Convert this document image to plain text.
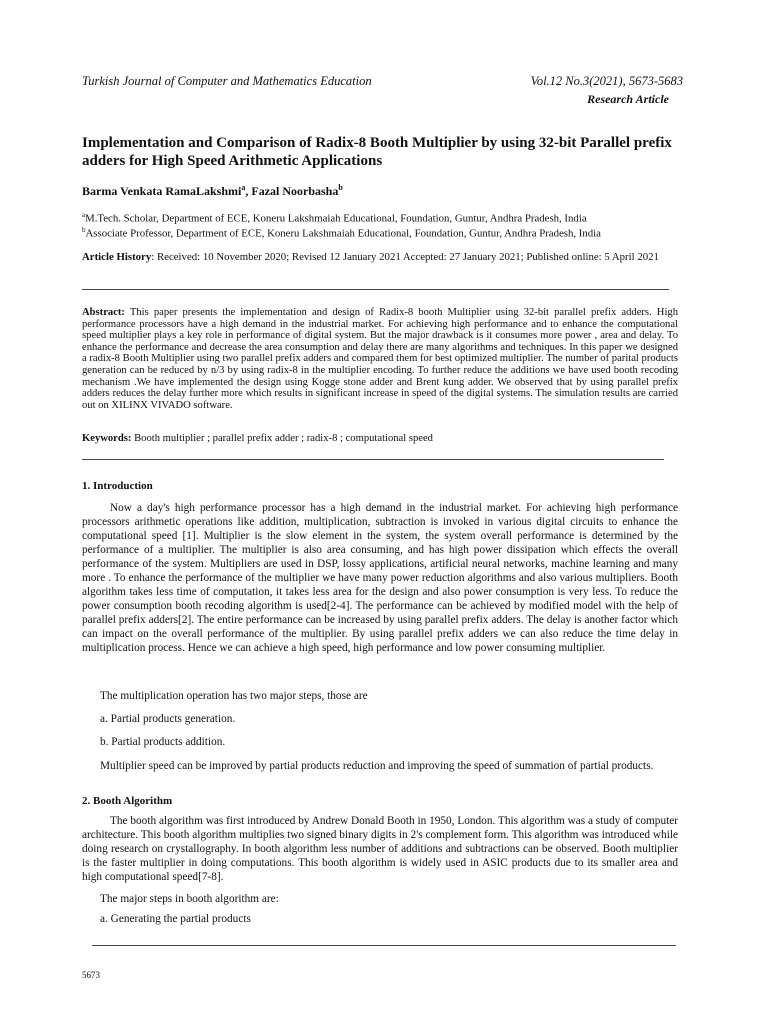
Turkish Journal of Computer and Mathematics Education	Vol.12 No.3(2021), 5673-5683
Research Article
Implementation and Comparison of Radix-8 Booth Multiplier by using 32-bit Parallel prefix adders for High Speed Arithmetic Applications
Barma Venkata RamaLakshmi$^a$, Fazal Noorbasha$^b$
$^a$M.Tech. Scholar, Department of ECE, Koneru Lakshmaiah Educational, Foundation, Guntur, Andhra Pradesh, India
$^b$Associate Professor, Department of ECE, Koneru Lakshmaiah Educational, Foundation, Guntur, Andhra Pradesh, India
Article History: Received: 10 November 2020; Revised 12 January 2021 Accepted: 27 January 2021; Published online: 5 April 2021
Abstract: This paper presents the implementation and design of Radix-8 booth Multiplier using 32-bit parallel prefix adders. High performance processors have a high demand in the industrial market. For achieving high performance and to enhance the computational speed multiplier plays a key role in performance of digital system. But the major drawback is it consumes more power , area and delay. To enhance the performance and decrease the area consumption and delay there are many algorithms and techniques. In this paper we designed a radix-8 Booth Multiplier using two parallel prefix adders and compared them for best optimized multiplier. The number of parital products generation can be reduced by n/3 by using radix-8 in the multiplier encoding. To further reduce the additions we have used booth recoding mechanism .We have implemented the design using Kogge stone adder and Brent kung adder. We observed that by using parallel prefix adders reduces the delay further more which results in significant increase in speed of the digital systems. The simulation results are carried out on XILINX VIVADO software.
Keywords: Booth multiplier ; parallel prefix adder ; radix-8 ; computational speed
1. Introduction

Now a day's high performance processor has a high demand in the industrial market. For achieving high performance processors arithmetic operations like addition, multiplication, subtraction is invoked in various digital circuits to enhance the computational speed [1]. Multiplier is the slow element in the system, the system overall performance is determined by the performance of a multiplier. The multiplier is also area consuming, and has high power dissipation which effects the overall performance of the system. Multipliers are used in DSP, lossy applications, artificial neural networks, machine learning and many more . To enhance the performance of the multiplier we have many power reduction algorithms and also various multipliers. Booth algorithm takes less time of computation, it takes less area for the design and also power consumption is very less. To reduce the power consumption booth recoding algorithm is used[2-4]. The performance can be achieved by modified model with the help of parallel prefix adders[2]. The entire performance can be increased by using parallel prefix adders. The delay is another factor which can impact on the overall performance of the multiplier. By using parallel prefix adders we can also reduce the time delay in multiplication process. Hence we can achieve a high speed, high performance and low power consuming multiplier.

The multiplication operation has two major steps, those are
a. Partial products generation.
b. Partial products addition.

Multiplier speed can be improved by partial products reduction and improving the speed of summation of partial products.

2. Booth Algorithm

The booth algorithm was first introduced by Andrew Donald Booth in 1950, London. This algorithm was a study of computer architecture. This booth algorithm multiplies two signed binary digits in 2's complement form. This algorithm was introduced while doing research on crystallography. In booth algorithm less number of additions and subtractions can be observed. Booth multiplier is the faster multiplier in doing computations. This booth algorithm is widely used in ASIC products due to its smaller area and high computational speed[7-8].

The major steps in booth algorithm are:
a. Generating the partial products
5673
